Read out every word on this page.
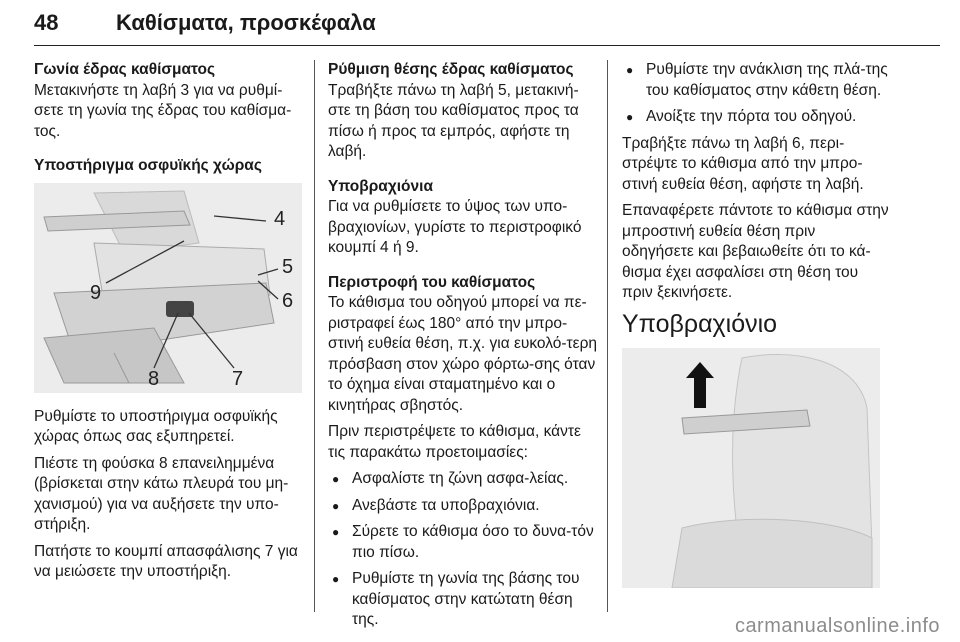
48	Καθίσματα, προσκέφαλα
Γωνία έδρας καθίσματος
Μετακινήστε τη λαβή 3 για να ρυθμί-σετε τη γωνία της έδρας του καθίσμα-τος.
Υποστήριγμα οσφυϊκής χώρας
4
5
6
7
8
9
Ρυθμίστε το υποστήριγμα οσφυϊκής χώρας όπως σας εξυπηρετεί.
Πιέστε τη φούσκα 8 επανειλημμένα (βρίσκεται στην κάτω πλευρά του μη-χανισμού) για να αυξήσετε την υπο-στήριξη.
Πατήστε το κουμπί απασφάλισης 7 για να μειώσετε την υποστήριξη.
Ρύθμιση θέσης έδρας καθίσματος
Τραβήξτε πάνω τη λαβή 5, μετακινή-στε τη βάση του καθίσματος προς τα πίσω ή προς τα εμπρός, αφήστε τη λαβή.
Υποβραχιόνια
Για να ρυθμίσετε το ύψος των υπο-βραχιονίων, γυρίστε το περιστροφικό κουμπί 4 ή 9.
Περιστροφή του καθίσματος
Το κάθισμα του οδηγού μπορεί να πε-ριστραφεί έως 180° από την μπρο-στινή ευθεία θέση, π.χ. για ευκολό-τερη πρόσβαση στον χώρο φόρτω-σης όταν το όχημα είναι σταματημένο και ο κινητήρας σβηστός.
Πριν περιστρέψετε το κάθισμα, κάντε τις παρακάτω προετοιμασίες:
● Ασφαλίστε τη ζώνη ασφα-λείας.
● Ανεβάστε τα υποβραχιόνια.
● Σύρετε το κάθισμα όσο το δυνα-τόν πιο πίσω.
● Ρυθμίστε τη γωνία της βάσης του καθίσματος στην κατώτατη θέση της.
● Ρυθμίστε την ανάκλιση της πλά-της του καθίσματος στην κάθετη θέση.
● Ανοίξτε την πόρτα του οδηγού.
Τραβήξτε πάνω τη λαβή 6, περι-στρέψτε το κάθισμα από την μπρο-στινή ευθεία θέση, αφήστε τη λαβή.
Επαναφέρετε πάντοτε το κάθισμα στην μπροστινή ευθεία θέση πριν οδηγήσετε και βεβαιωθείτε ότι το κά-θισμα έχει ασφαλίσει στη θέση του πριν ξεκινήσετε.
Υποβραχιόνιο
carmanualsonline.info
